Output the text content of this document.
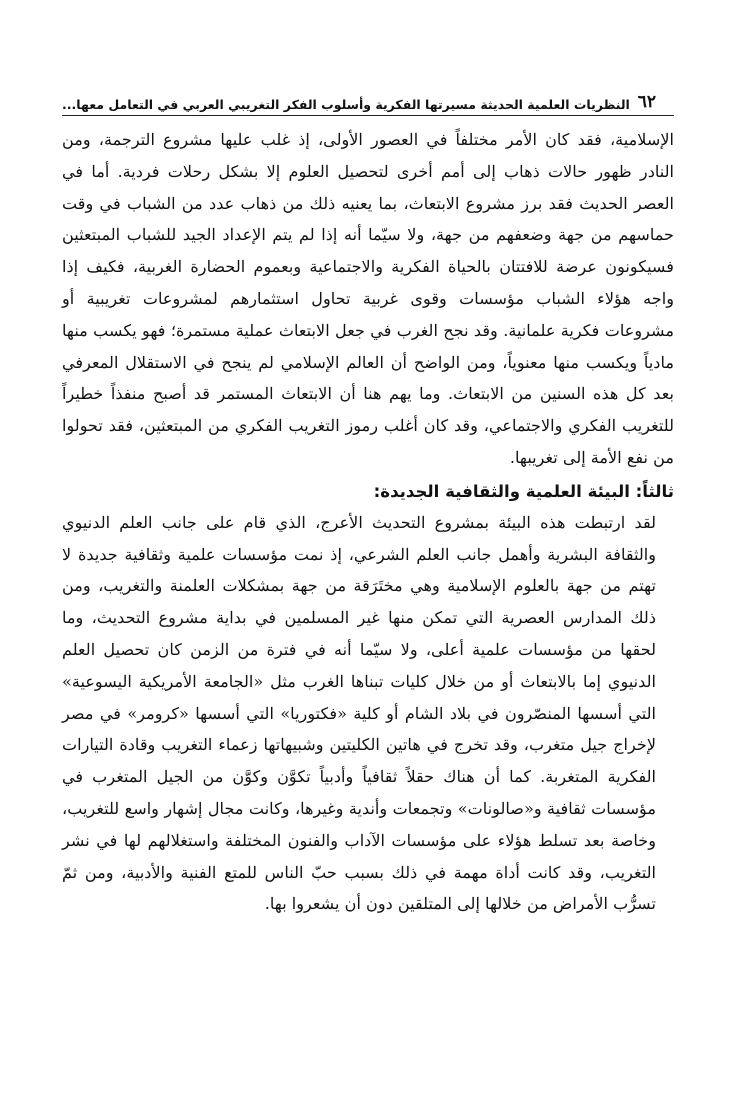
٦٢
النظريات العلمية الحديثة مسيرتها الفكرية وأسلوب الفكر التغريبي العربي في التعامل معها...

الإسلامية، فقد كان الأمر مختلفاً في العصور الأولى، إذ غلب عليها مشروع الترجمة، ومن النادر ظهور حالات ذهاب إلى أمم أخرى لتحصيل العلوم إلا بشكل رحلات فردية. أما في العصر الحديث فقد برز مشروع الابتعاث، بما يعنيه ذلك من ذهاب عدد من الشباب في وقت حماسهم من جهة وضعفهم من جهة، ولا سيّما أنه إذا لم يتم الإعداد الجيد للشباب المبتعثين فسيكونون عرضة للافتتان بالحياة الفكرية والاجتماعية وبعموم الحضارة الغربية، فكيف إذا واجه هؤلاء الشباب مؤسسات وقوى غربية تحاول استثمارهم لمشروعات تغريبية أو مشروعات فكرية علمانية. وقد نجح الغرب في جعل الابتعاث عملية مستمرة؛ فهو يكسب منها مادياً ويكسب منها معنوياً، ومن الواضح أن العالم الإسلامي لم ينجح في الاستقلال المعرفي بعد كل هذه السنين من الابتعاث. وما يهم هنا أن الابتعاث المستمر قد أصبح منفذاً خطيراً للتغريب الفكري والاجتماعي، وقد كان أغلب رموز التغريب الفكري من المبتعثين، فقد تحولوا من نفع الأمة إلى تغريبها.

ثالثاً: البيئة العلمية والثقافية الجديدة:

لقد ارتبطت هذه البيئة بمشروع التحديث الأعرج، الذي قام على جانب العلم الدنيوي والثقافة البشرية وأهمل جانب العلم الشرعي، إذ نمت مؤسسات علمية وثقافية جديدة لا تهتم من جهة بالعلوم الإسلامية وهي مختَرَقة من جهة بمشكلات العلمنة والتغريب، ومن ذلك المدارس العصرية التي تمكن منها غير المسلمين في بداية مشروع التحديث، وما لحقها من مؤسسات علمية أعلى، ولا سيّما أنه في فترة من الزمن كان تحصيل العلم الدنيوي إما بالابتعاث أو من خلال كليات تبناها الغرب مثل «الجامعة الأمريكية اليسوعية» التي أسسها المنصّرون في بلاد الشام أو كلية «فكتوريا» التي أسسها «كرومر» في مصر لإخراج جيل متغرب، وقد تخرج في هاتين الكليتين وشبيهاتها زعماء التغريب وقادة التيارات الفكرية المتغربة. كما أن هناك حقلاً ثقافياً وأدبياً تكوَّن وكوَّن من الجيل المتغرب في مؤسسات ثقافية و«صالونات» وتجمعات وأندية وغيرها، وكانت مجال إشهار واسع للتغريب، وخاصة بعد تسلط هؤلاء على مؤسسات الآداب والفنون المختلفة واستغلالهم لها في نشر التغريب، وقد كانت أداة مهمة في ذلك بسبب حبّ الناس للمتع الفنية والأدبية، ومن ثمّ تسرُّب الأمراض من خلالها إلى المتلقين دون أن يشعروا بها.
